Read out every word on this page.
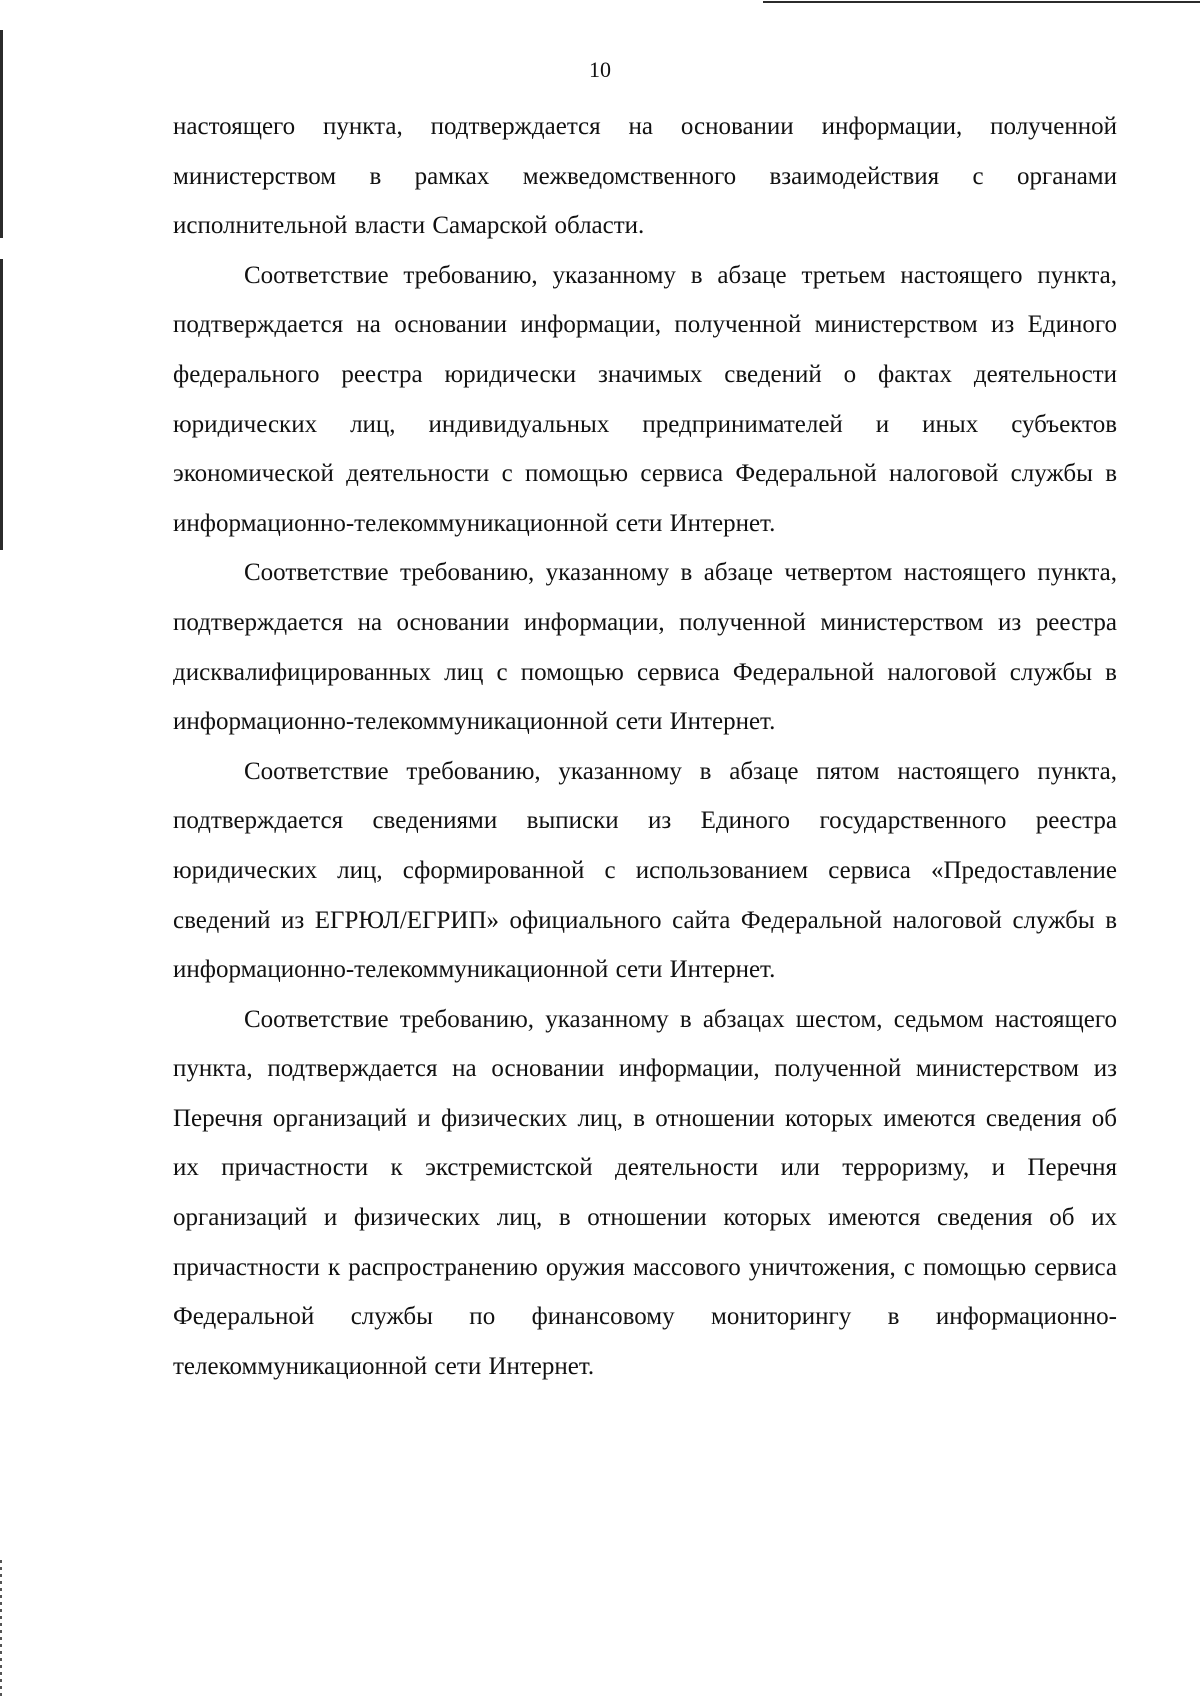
10

настоящего пункта, подтверждается на основании информации, полученной министерством в рамках межведомственного взаимодействия с органами исполнительной власти Самарской области.

Соответствие требованию, указанному в абзаце третьем настоящего пункта, подтверждается на основании информации, полученной министерством из Единого федерального реестра юридически значимых сведений о фактах деятельности юридических лиц, индивидуальных предпринимателей и иных субъектов экономической деятельности с помощью сервиса Федеральной налоговой службы в информационно-телекоммуникационной сети Интернет.

Соответствие требованию, указанному в абзаце четвертом настоящего пункта, подтверждается на основании информации, полученной министерством из реестра дисквалифицированных лиц с помощью сервиса Федеральной налоговой службы в информационно-телекоммуникационной сети Интернет.

Соответствие требованию, указанному в абзаце пятом настоящего пункта, подтверждается сведениями выписки из Единого государственного реестра юридических лиц, сформированной с использованием сервиса «Предоставление сведений из ЕГРЮЛ/ЕГРИП» официального сайта Федеральной налоговой службы в информационно-телекоммуникационной сети Интернет.

Соответствие требованию, указанному в абзацах шестом, седьмом настоящего пункта, подтверждается на основании информации, полученной министерством из Перечня организаций и физических лиц, в отношении которых имеются сведения об их причастности к экстремистской деятельности или терроризму, и Перечня организаций и физических лиц, в отношении которых имеются сведения об их причастности к распространению оружия массового уничтожения, с помощью сервиса Федеральной службы по финансовому мониторингу в информационно-телекоммуникационной сети Интернет.
